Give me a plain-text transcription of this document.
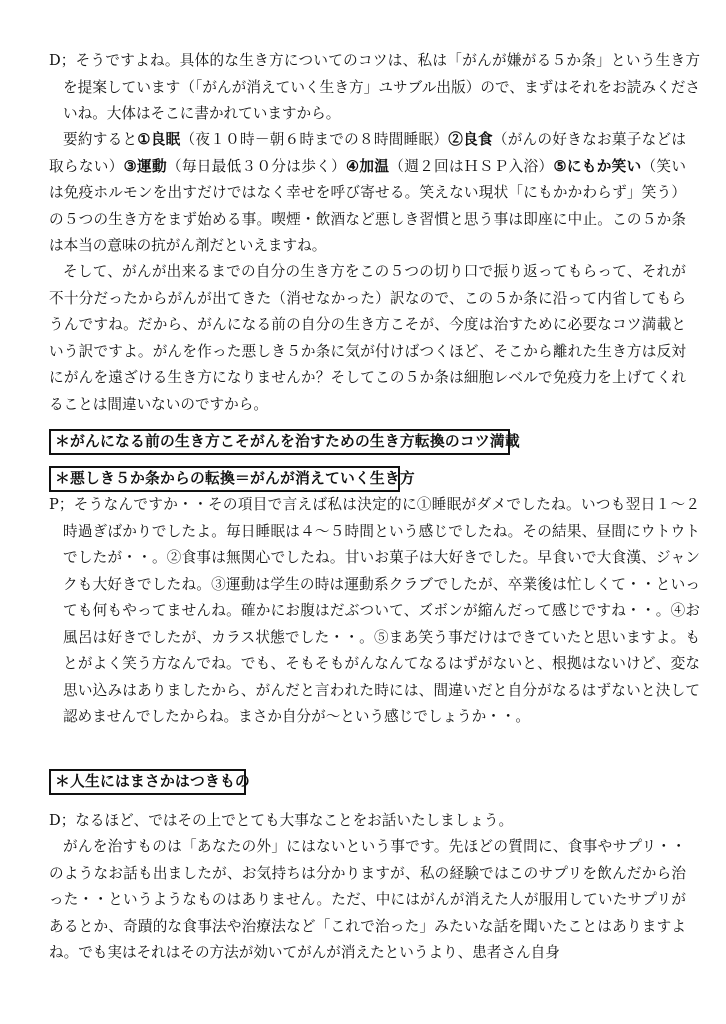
D；そうですよね。具体的な生き方についてのコツは、私は「がんが嫌がる５か条」という生き方を提案しています（「がんが消えていく生き方」ユサブル出版）ので、まずはそれをお読みくださいね。大体はそこに書かれていますから。

要約すると①良眠（夜１０時－朝６時までの８時間睡眠）②良食（がんの好きなお菓子などは取らない）③運動（毎日最低３０分は歩く）④加温（週２回はＨＳＰ入浴）⑤にもか笑い（笑いは免疫ホルモンを出すだけではなく幸せを呼び寄せる。笑えない現状「にもかかわらず」笑う）の５つの生き方をまず始める事。喫煙・飲酒など悪しき習慣と思う事は即座に中止。この５か条は本当の意味の抗がん剤だといえますね。

そして、がんが出来るまでの自分の生き方をこの５つの切り口で振り返ってもらって、それが不十分だったからがんが出てきた（消せなかった）訳なので、この５か条に沿って内省してもらうんですね。だから、がんになる前の自分の生き方こそが、今度は治すために必要なコツ満載という訳ですよ。がんを作った悪しき５か条に気が付けばつくほど、そこから離れた生き方は反対にがんを遠ざける生き方になりませんか？そしてこの５か条は細胞レベルで免疫力を上げてくれることは間違いないのですから。

＊がんになる前の生き方こそがんを治すための生き方転換のコツ満載
＊悪しき５か条からの転換＝がんが消えていく生き方

P；そうなんですか・・その項目で言えば私は決定的に①睡眠がダメでしたね。いつも翌日１～２時過ぎばかりでしたよ。毎日睡眠は４～５時間という感じでしたね。その結果、昼間にウトウトでしたが・・。②食事は無関心でしたね。甘いお菓子は大好きでした。早食いで大食漢、ジャンクも大好きでしたね。③運動は学生の時は運動系クラブでしたが、卒業後は忙しくて・・といっても何もやってませんね。確かにお腹はだぶついて、ズボンが縮んだって感じですね・・。④お風呂は好きでしたが、カラス状態でした・・。⑤まあ笑う事だけはできていたと思いますよ。もとがよく笑う方なんでね。でも、そもそもがんなんてなるはずがないと、根拠はないけど、変な思い込みはありましたから、がんだと言われた時には、間違いだと自分がなるはずないと決して認めませんでしたからね。まさか自分が～という感じでしょうか・・。

＊人生にはまさかはつきもの

D；なるほど、ではその上でとても大事なことをお話いたしましょう。

がんを治すものは「あなたの外」にはないという事です。先ほどの質問に、食事やサプリ・・のようなお話も出ましたが、お気持ちは分かりますが、私の経験ではこのサプリを飲んだから治った・・というようなものはありません。ただ、中にはがんが消えた人が服用していたサプリがあるとか、奇蹟的な食事法や治療法など「これで治った」みたいな話を聞いたことはありますよね。でも実はそれはその方法が効いてがんが消えたというより、患者さん自身
